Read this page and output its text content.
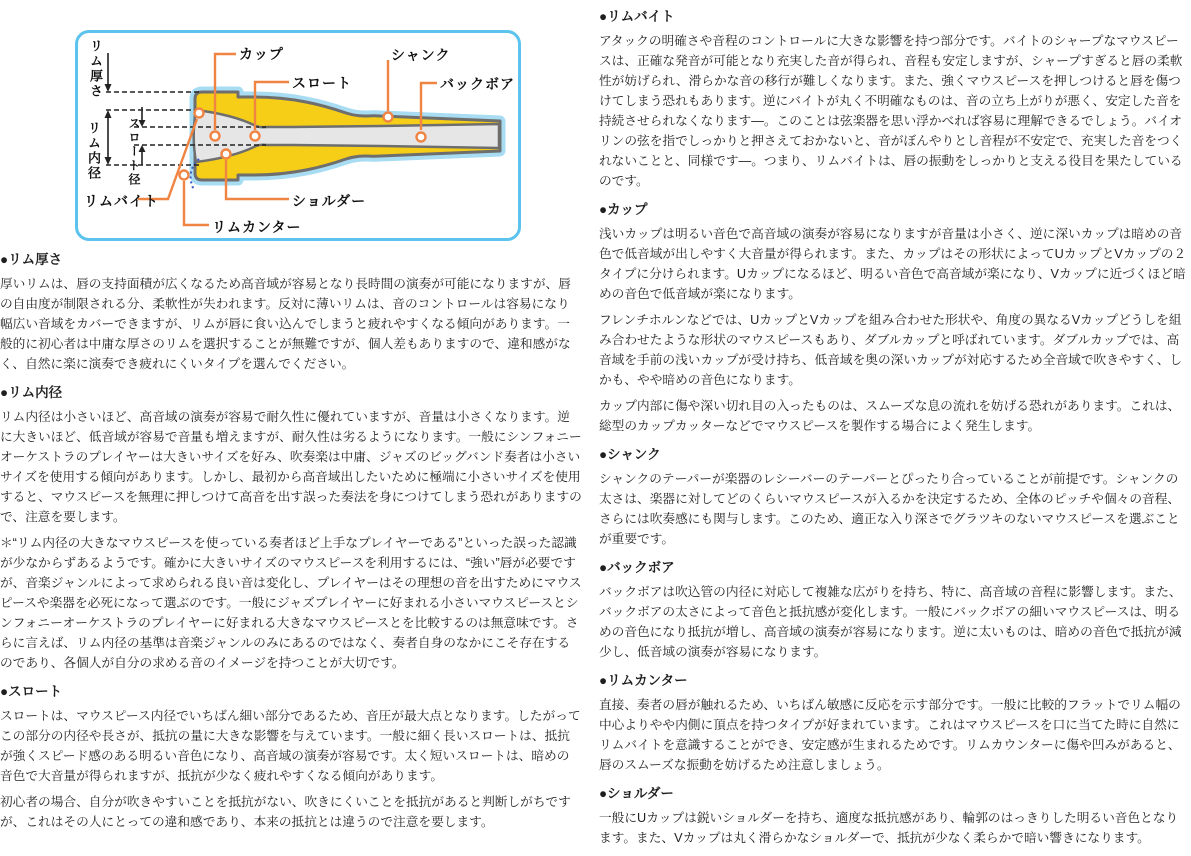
カップ
スロート
シャンク
バックボア
リムバイト	ショルダー
リムカンター
リム厚さ
リム内径 スロート径
●リム厚さ

厚いリムは、唇の支持面積が広くなるため高音域が容易となり長時間の演奏が可能になりますが、唇の自由度が制限される分、柔軟性が失われます。反対に薄いリムは、音のコントロールは容易になり幅広い音域をカバーできますが、リムが唇に食い込んでしまうと疲れやすくなる傾向があります。一般的に初心者は中庸な厚さのリムを選択することが無難ですが、個人差もありますので、違和感がなく、自然に楽に演奏でき疲れにくいタイプを選んでください。

●リム内径

リム内径は小さいほど、高音域の演奏が容易で耐久性に優れていますが、音量は小さくなります。逆に大きいほど、低音域が容易で音量も増えますが、耐久性は劣るようになります。一般にシンフォニーオーケストラのプレイヤーは大きいサイズを好み、吹奏楽は中庸、ジャズのビッグバンド奏者は小さいサイズを使用する傾向があります。しかし、最初から高音域出したいために極端に小さいサイズを使用すると、マウスピースを無理に押しつけて高音を出す誤った奏法を身につけてしまう恐れがありますので、注意を要します。

＊“リム内径の大きなマウスピースを使っている奏者ほど上手なプレイヤーである”といった誤った認識が少なからずあるようです。確かに大きいサイズのマウスピースを利用するには、“強い”唇が必要ですが、音楽ジャンルによって求められる良い音は変化し、プレイヤーはその理想の音を出すためにマウスピースや楽器を必死になって選ぶのです。一般にジャズプレイヤーに好まれる小さいマウスピースとシンフォニーオーケストラのプレイヤーに好まれる大きなマウスピースとを比較するのは無意味です。さらに言えば、リム内径の基準は音楽ジャンルのみにあるのではなく、奏者自身のなかにこそ存在するのであり、各個人が自分の求める音のイメージを持つことが大切です。

●スロート

スロートは、マウスピース内径でいちばん細い部分であるため、音圧が最大点となります。したがってこの部分の内径や長さが、抵抗の量に大きな影響を与えています。一般に細く長いスロートは、抵抗が強くスピード感のある明るい音色になり、高音域の演奏が容易です。太く短いスロートは、暗めの音色で大音量が得られますが、抵抗が少なく疲れやすくなる傾向があります。

初心者の場合、自分が吹きやすいことを抵抗がない、吹きにくいことを抵抗があると判断しがちですが、これはその人にとっての違和感であり、本来の抵抗とは違うので注意を要します。

●リムバイト

アタックの明確さや音程のコントロールに大きな影響を持つ部分です。バイトのシャープなマウスピースは、正確な発音が可能となり充実した音が得られ、音程も安定しますが、シャープすぎると唇の柔軟性が妨げられ、滑らかな音の移行が難しくなります。また、強くマウスピースを押しつけると唇を傷つけてしまう恐れもあります。逆にバイトが丸く不明確なものは、音の立ち上がりが悪く、安定した音を持続させられなくなります―。このことは弦楽器を思い浮かべれば容易に理解できるでしょう。バイオリンの弦を指でしっかりと押さえておかないと、音がぼんやりとし音程が不安定で、充実した音をつくれないことと、同様です―。つまり、リムバイトは、唇の振動をしっかりと支える役目を果たしているのです。

●カップ

浅いカップは明るい音色で高音域の演奏が容易になりますが音量は小さく、逆に深いカップは暗めの音色で低音域が出しやすく大音量が得られます。また、カップはその形状によってUカップとVカップの２タイプに分けられます。Uカップになるほど、明るい音色で高音域が楽になり、Vカップに近づくほど暗めの音色で低音域が楽になります。

フレンチホルンなどでは、UカップとVカップを組み合わせた形状や、角度の異なるVカップどうしを組み合わせたような形状のマウスピースもあり、ダブルカップと呼ばれています。ダブルカップでは、高音域を手前の浅いカップが受け持ち、低音域を奥の深いカップが対応するため全音域で吹きやすく、しかも、やや暗めの音色になります。

カップ内部に傷や深い切れ目の入ったものは、スムーズな息の流れを妨げる恐れがあります。これは、総型のカップカッターなどでマウスピースを製作する場合によく発生します。

●シャンク

シャンクのテーパーが楽器のレシーバーのテーパーとぴったり合っていることが前提です。シャンクの太さは、楽器に対してどのくらいマウスピースが入るかを決定するため、全体のピッチや個々の音程、さらには吹奏感にも関与します。このため、適正な入り深さでグラツキのないマウスピースを選ぶことが重要です。

●バックボア

バックボアは吹込管の内径に対応して複雑な広がりを持ち、特に、高音域の音程に影響します。また、バックボアの太さによって音色と抵抗感が変化します。一般にバックボアの細いマウスピースは、明るめの音色になり抵抗が増し、高音域の演奏が容易になります。逆に太いものは、暗めの音色で抵抗が減少し、低音域の演奏が容易になります。

●リムカンター

直接、奏者の唇が触れるため、いちばん敏感に反応を示す部分です。一般に比較的フラットでリム幅の中心よりやや内側に頂点を持つタイプが好まれています。これはマウスピースを口に当てた時に自然にリムバイトを意識することができ、安定感が生まれるためです。リムカウンターに傷や凹みがあると、唇のスムーズな振動を妨げるため注意しましょう。

●ショルダー

一般にUカップは鋭いショルダーを持ち、適度な抵抗感があり、輪郭のはっきりした明るい音色となります。また、Vカップは丸く滑らかなショルダーで、抵抗が少なく柔らかで暗い響きになります。
